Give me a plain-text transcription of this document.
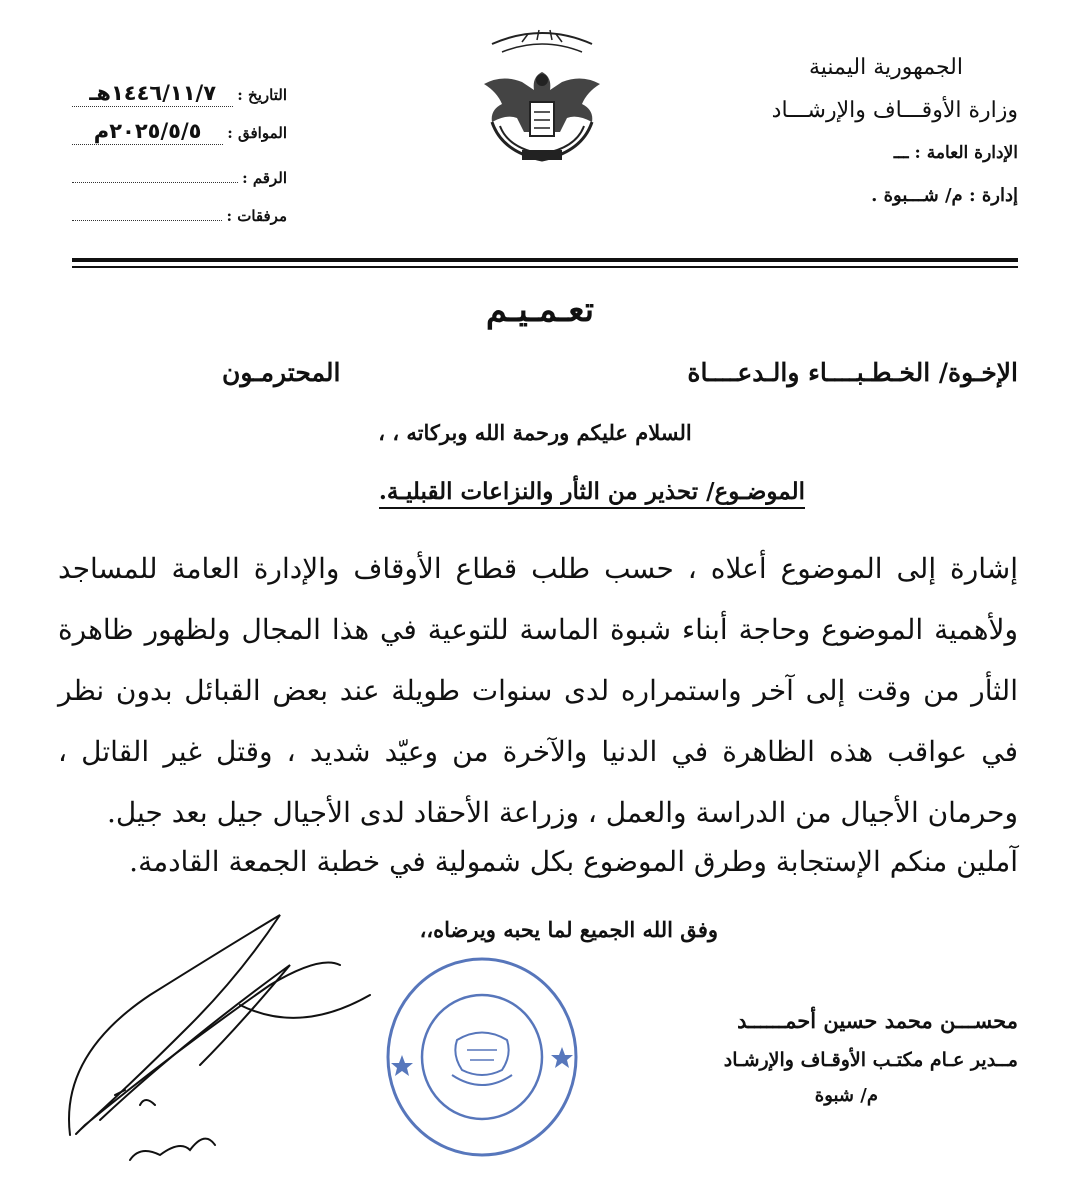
الجمهورية اليمنية
وزارة الأوقـــاف والإرشـــاد
الإدارة العامة : ـــ
إدارة : م/ شـــبوة .
التاريخ :
١٤٤٦/١١/٧هـ
الموافق :
٢٠٢٥/٥/٥م
الرقم :
مرفقات :
تعـمـيـم
الإخـوة/ الخـطـبــــاء والـدعــــاة
المحترمـون
السلام عليكم ورحمة الله وبركاته ، ،
الموضـوع/ تحذير من الثأر والنزاعات القبليـة.

إشارة إلى الموضوع أعلاه ، حسب طلب قطاع الأوقاف والإدارة العامة للمساجد ولأهمية الموضوع وحاجة أبناء شبوة الماسة للتوعية في هذا المجال ولظهور ظاهرة الثأر من وقت إلى آخر واستمراره لدى سنوات طويلة عند بعض القبائل بدون نظر في عواقب هذه الظاهرة في الدنيا والآخرة من وعيّد شديد ، وقتل غير القاتل ، وحرمان الأجيال من الدراسة والعمل ، وزراعة الأحقاد لدى الأجيال جيل بعد جيل.

آملين منكم الإستجابة وطرق الموضوع بكل شمولية في خطبة الجمعة القادمة.
وفق الله الجميع لما يحبه ويرضاه،،
محســـن محمد حسين أحمــــــد
مــدير عـام مكتـب الأوقـاف والإرشـاد
م/ شبوة
